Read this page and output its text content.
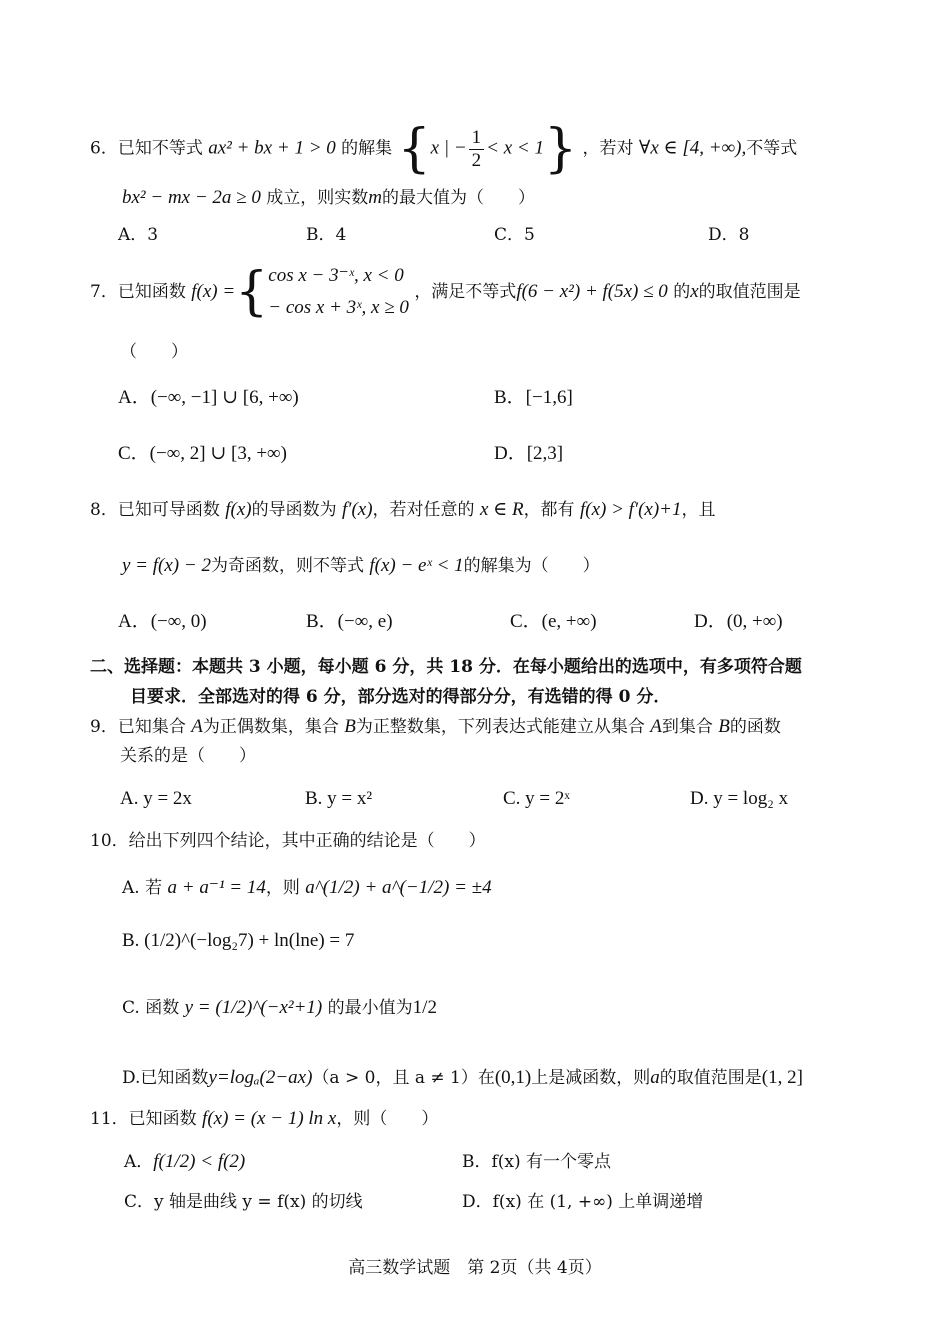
6．已知不等式 ax² + bx + 1 > 0 的解集 {x | − $\frac{1}{2} < x < 1$} ，若对 ∀x ∈ [4, +∞),不等式
bx² − mx − 2a ≥ 0 成立，则实数m的最大值为（　　）
A．3	B．4	C．5	D．8
7．已知函数 f(x) ={ cos x − 3⁻ˣ, x < 0
− cos x + 3ˣ, x ≥ 0
，满足不等式f(6 − x²) + f(5x) ≤ 0 的x的取值范围是
（　　）
A．(−∞, −1] ∪ [6, +∞)	B．[−1,6]
C．(−∞, 2] ∪ [3, +∞)	D．[2,3]
8．已知可导函数 f(x)的导函数为 f′(x)，若对任意的 x ∈ R，都有 f(x) > f′(x)+1，且
y = f(x) − 2为奇函数，则不等式 f(x) − eˣ < 1的解集为（　　）
A．(−∞, 0)	B．(−∞, e)	C．(e, +∞)	D．(0, +∞)
二、选择题：本题共 3 小题，每小题 6 分，共 18 分．在每小题给出的选项中，有多项符合题
目要求．全部选对的得 6 分，部分选对的得部分分，有选错的得 0 分．
9．已知集合 A为正偶数集，集合 B为正整数集，下列表达式能建立从集合 A到集合 B的函数
关系的是（　　）
A. y = 2x	B. y = x²	C. y = 2ˣ	D. y = log₂ x
10．给出下列四个结论，其中正确的结论是（　　）
A. 若 a + a⁻¹ = 14，则 a^(1/2) + a^(−1/2) = ±4
B. (1/2)^(−log₂7) + ln(lne) = 7
C. 函数 y = (1/2)^(−x²+1) 的最小值为1/2
D.已知函数y=logₐ(2−ax)（a > 0，且 a ≠ 1）在(0,1)上是减函数，则a的取值范围是(1, 2]
11．已知函数 f(x) = (x − 1) ln x，则（　　）
A．f(1/2) < f(2)	B．f(x) 有一个零点
C．y 轴是曲线 y = f(x) 的切线	D．f(x) 在 (1, +∞) 上单调递增
高三数学试题　第 2页（共 4页）
